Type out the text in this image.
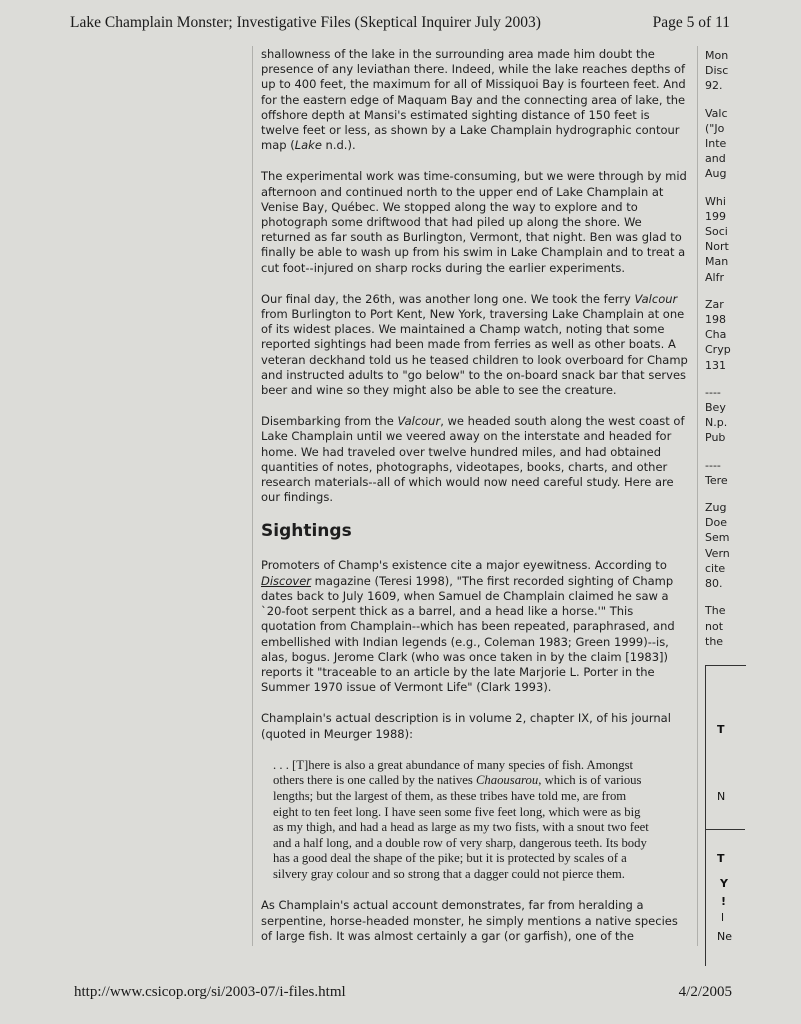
Lake Champlain Monster; Investigative Files (Skeptical Inquirer July 2003)	Page 5 of 11

shallowness of the lake in the surrounding area made him doubt the presence of any leviathan there. Indeed, while the lake reaches depths of up to 400 feet, the maximum for all of Missiquoi Bay is fourteen feet. And for the eastern edge of Maquam Bay and the connecting area of lake, the offshore depth at Mansi's estimated sighting distance of 150 feet is twelve feet or less, as shown by a Lake Champlain hydrographic contour map (Lake n.d.).

The experimental work was time-consuming, but we were through by mid afternoon and continued north to the upper end of Lake Champlain at Venise Bay, Québec. We stopped along the way to explore and to photograph some driftwood that had piled up along the shore. We returned as far south as Burlington, Vermont, that night. Ben was glad to finally be able to wash up from his swim in Lake Champlain and to treat a cut foot--injured on sharp rocks during the earlier experiments.

Our final day, the 26th, was another long one. We took the ferry Valcour from Burlington to Port Kent, New York, traversing Lake Champlain at one of its widest places. We maintained a Champ watch, noting that some reported sightings had been made from ferries as well as other boats. A veteran deckhand told us he teased children to look overboard for Champ and instructed adults to "go below" to the on-board snack bar that serves beer and wine so they might also be able to see the creature.

Disembarking from the Valcour, we headed south along the west coast of Lake Champlain until we veered away on the interstate and headed for home. We had traveled over twelve hundred miles, and had obtained quantities of notes, photographs, videotapes, books, charts, and other research materials--all of which would now need careful study. Here are our findings.

Sightings

Promoters of Champ's existence cite a major eyewitness. According to Discover magazine (Teresi 1998), "The first recorded sighting of Champ dates back to July 1609, when Samuel de Champlain claimed he saw a `20-foot serpent thick as a barrel, and a head like a horse.'" This quotation from Champlain--which has been repeated, paraphrased, and embellished with Indian legends (e.g., Coleman 1983; Green 1999)--is, alas, bogus. Jerome Clark (who was once taken in by the claim [1983]) reports it "traceable to an article by the late Marjorie L. Porter in the Summer 1970 issue of Vermont Life" (Clark 1993).

Champlain's actual description is in volume 2, chapter IX, of his journal (quoted in Meurger 1988):

. . . [T]here is also a great abundance of many species of fish. Amongst others there is one called by the natives Chaousarou, which is of various lengths; but the largest of them, as these tribes have told me, are from eight to ten feet long. I have seen some five feet long, which were as big as my thigh, and had a head as large as my two fists, with a snout two feet and a half long, and a double row of very sharp, dangerous teeth. Its body has a good deal the shape of the pike; but it is protected by scales of a silvery gray colour and so strong that a dagger could not pierce them.

As Champlain's actual account demonstrates, far from heralding a serpentine, horse-headed monster, he simply mentions a native species of large fish. It was almost certainly a gar (or garfish), one of the

Mon
Disc
92.
Valc
("Jo
Inte
and
Aug
Whi
199
Soci
Nort
Man
Alfr
Zar
198
Cha
Cryp
131
----
Bey
N.p.
Pub
----
Tere
Zug
Doe
Sem
Vern
cite
80.
The
not
the
T
N
T
Y
!
l
Ne
http://www.csicop.org/si/2003-07/i-files.html	4/2/2005
